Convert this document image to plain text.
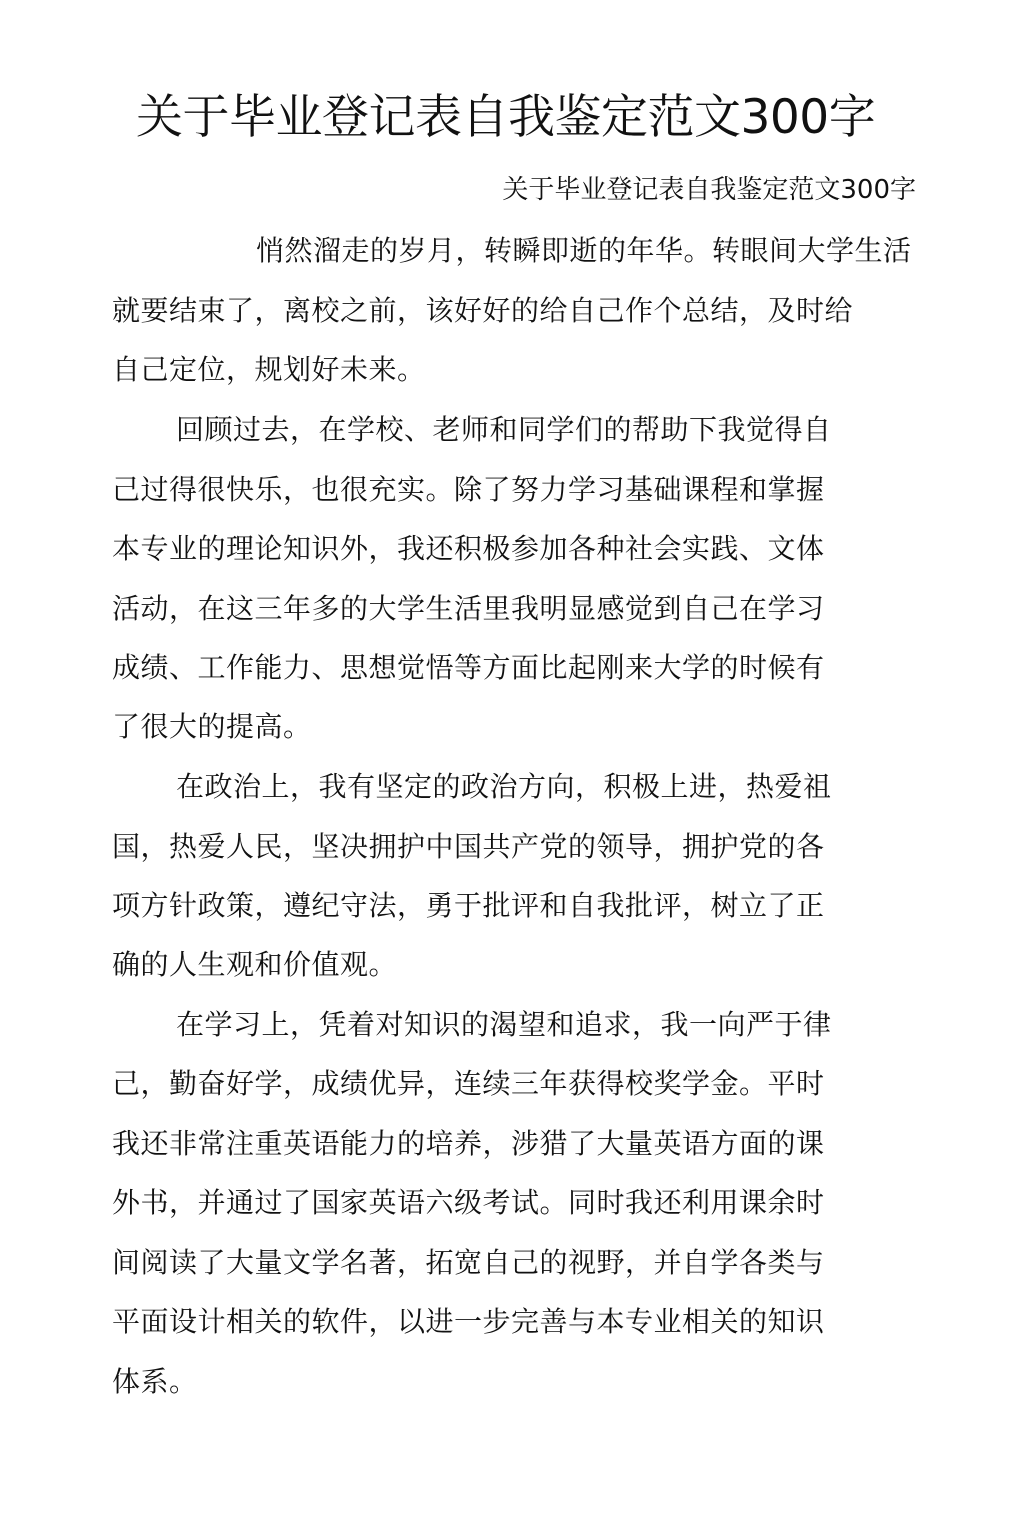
关于毕业登记表自我鉴定范文300字
关于毕业登记表自我鉴定范文300字
悄然溜走的岁月，转瞬即逝的年华。转眼间大学生活
就要结束了，离校之前，该好好的给自己作个总结，及时给
自己定位，规划好未来。
回顾过去，在学校、老师和同学们的帮助下我觉得自
己过得很快乐，也很充实。除了努力学习基础课程和掌握
本专业的理论知识外，我还积极参加各种社会实践、文体
活动，在这三年多的大学生活里我明显感觉到自己在学习
成绩、工作能力、思想觉悟等方面比起刚来大学的时候有
了很大的提高。
在政治上，我有坚定的政治方向，积极上进，热爱祖
国，热爱人民，坚决拥护中国共产党的领导，拥护党的各
项方针政策，遵纪守法，勇于批评和自我批评，树立了正
确的人生观和价值观。
在学习上，凭着对知识的渴望和追求，我一向严于律
己，勤奋好学，成绩优异，连续三年获得校奖学金。平时
我还非常注重英语能力的培养，涉猎了大量英语方面的课
外书，并通过了国家英语六级考试。同时我还利用课余时
间阅读了大量文学名著，拓宽自己的视野，并自学各类与
平面设计相关的软件，以进一步完善与本专业相关的知识
体系。
